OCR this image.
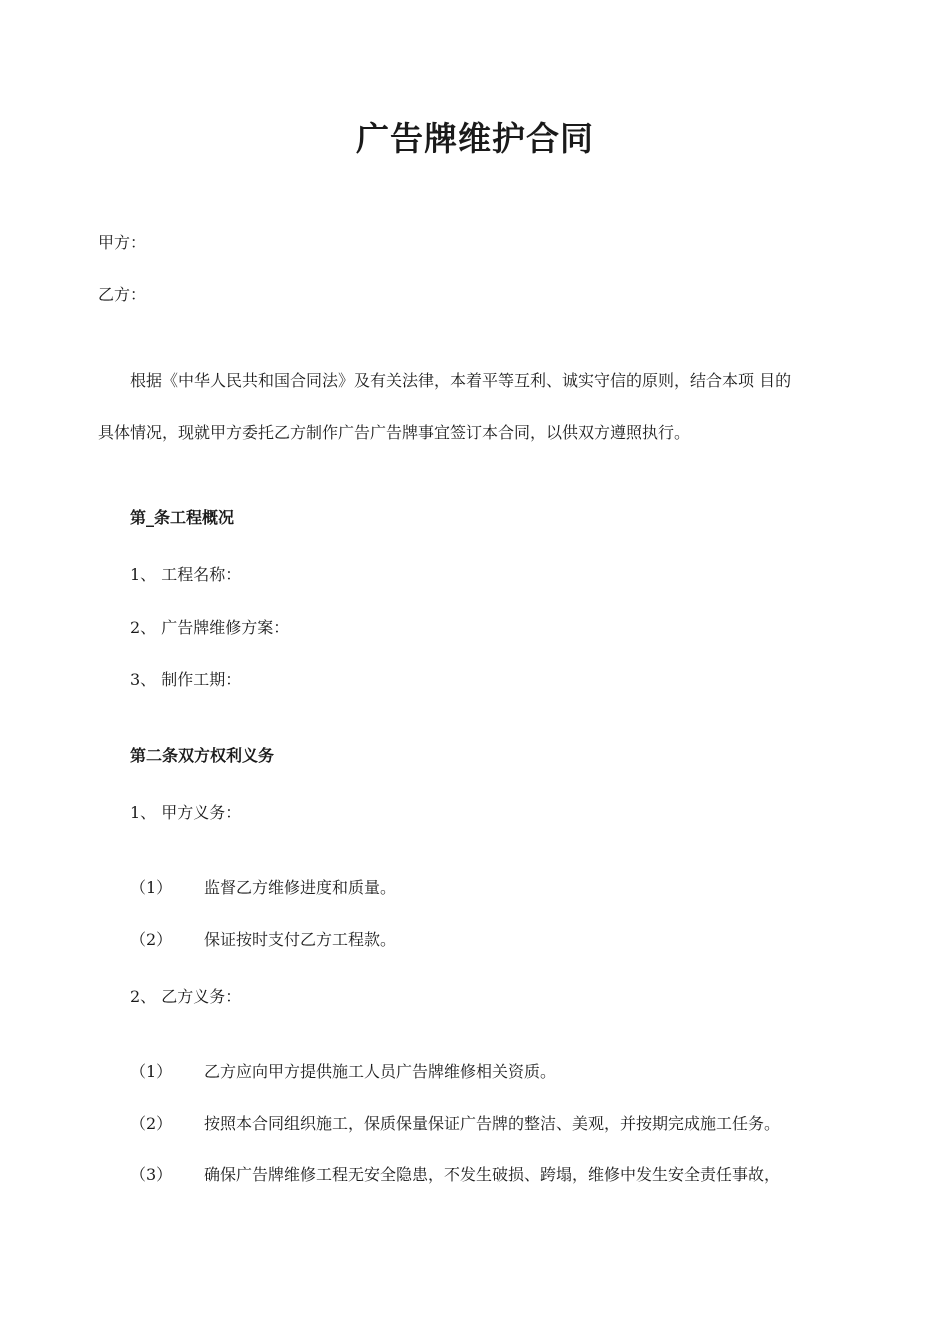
广告牌维护合同

甲方：

乙方：

根据《中华人民共和国合同法》及有关法律，本着平等互利、诚实守信的原则，结合本项 目的

具体情况，现就甲方委托乙方制作广告广告牌事宜签订本合同，以供双方遵照执行。

第_条工程概况

1、 工程名称：

2、 广告牌维修方案：

3、 制作工期：

第二条双方权利义务

1、 甲方义务：

（1） 监督乙方维修进度和质量。

（2） 保证按时支付乙方工程款。

2、 乙方义务：

（1） 乙方应向甲方提供施工人员广告牌维修相关资质。

（2） 按照本合同组织施工，保质保量保证广告牌的整洁、美观，并按期完成施工任务。

（3） 确保广告牌维修工程无安全隐患，不发生破损、跨塌，维修中发生安全责任事故，
